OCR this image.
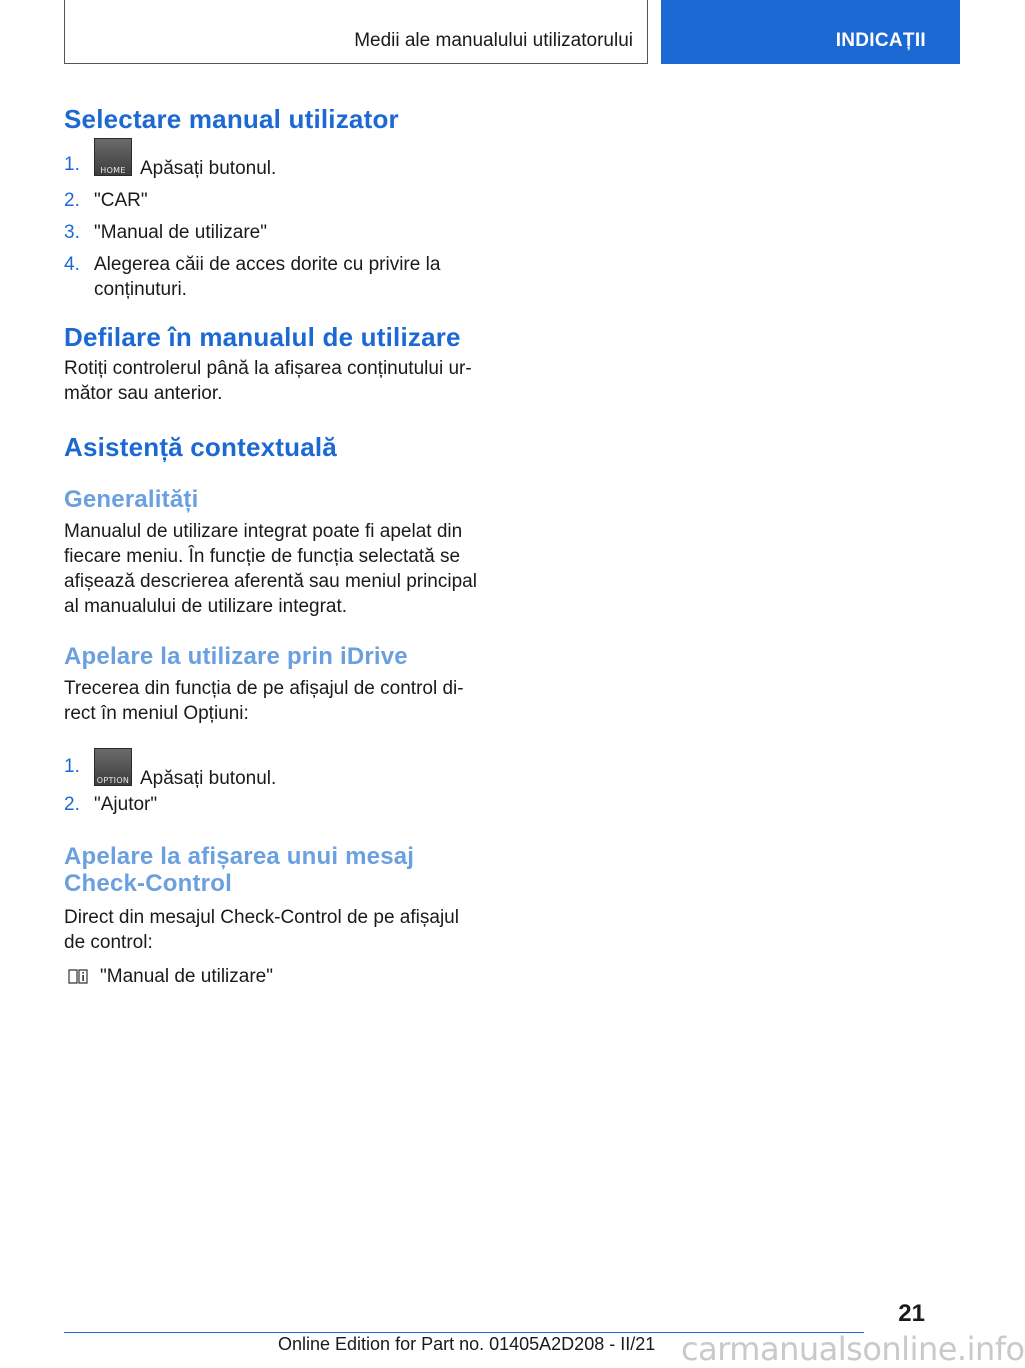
Medii ale manualului utilizatorului	INDICAȚII
Selectare manual utilizator
1.	HOME Apăsați butonul.
2. "CAR"
3. "Manual de utilizare"
4. Alegerea căii de acces dorite cu privire la conținuturi.
Defilare în manualul de utilizare

Rotiți controlerul până la afișarea conținutului ur-mător sau anterior.

Asistență contextuală
Generalități

Manualul de utilizare integrat poate fi apelat din fiecare meniu. În funcție de funcția selectată se afișează descrierea aferentă sau meniul principal al manualului de utilizare integrat.

Apelare la utilizare prin iDrive

Trecerea din funcția de pe afișajul de control di-rect în meniul Opțiuni:

1.
OPTION Apăsați butonul.
2. "Ajutor"
Apelare la afișarea unui mesaj Check-Control

Direct din mesajul Check-Control de pe afișajul de control:

"Manual de utilizare"
21
Online Edition for Part no. 01405A2D208 - II/21 carmanualsonline.info
